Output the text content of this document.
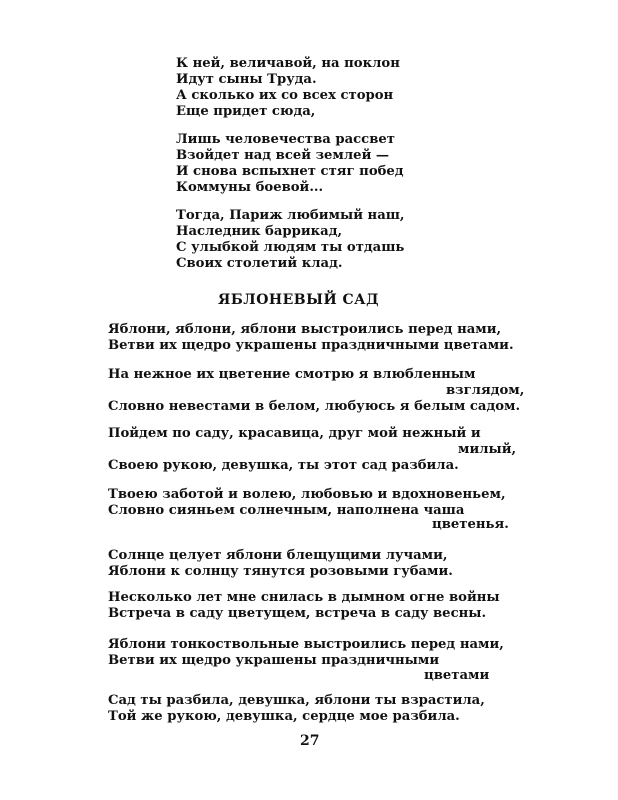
К ней, величавой, на поклон
Идут сыны Труда.
А сколько их со всех сторон
Еще придет сюда,
Лишь человечества рассвет
Взойдет над всей землей —
И снова вспыхнет стяг побед
Коммуны боевой...
Тогда, Париж любимый наш,
Наследник баррикад,
С улыбкой людям ты отдашь
Своих столетий клад.
ЯБЛОНЕВЫЙ САД
Яблони, яблони, яблони выстроились перед нами,
Ветви их щедро украшены праздничными цветами.
На нежное их цветение смотрю я влюбленным
взглядом,
Словно невестами в белом, любуюсь я белым садом.
Пойдем по саду, красавица, друг мой нежный и
милый,
Своею рукою, девушка, ты этот сад разбила.
Твоею заботой и волею, любовью и вдохновеньем,
Словно сияньем солнечным, наполнена чаша
цветенья.
Солнце целует яблони блещущими лучами,
Яблони к солнцу тянутся розовыми губами.
Несколько лет мне снилась в дымном огне войны
Встреча в саду цветущем, встреча в саду весны.
Яблони тонкоствольные выстроились перед нами,
Ветви их щедро украшены праздничными
цветами
Сад ты разбила, девушка, яблони ты взрастила,
Той же рукою, девушка, сердце мое разбила.
27
